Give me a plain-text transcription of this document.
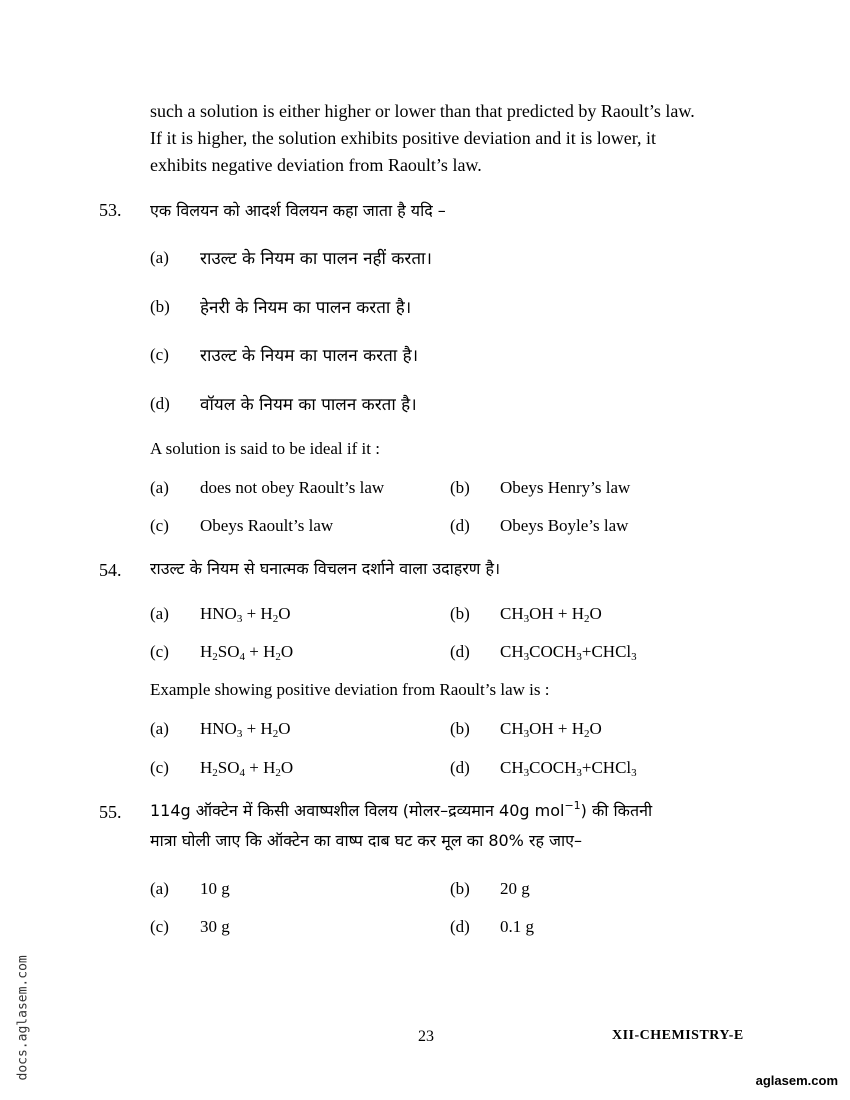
such a solution is either higher or lower than that predicted by Raoult’s law.
If it is higher, the solution exhibits positive deviation and it is lower, it
exhibits negative deviation from Raoult’s law.
53. एक विलयन को आदर्श विलयन कहा जाता है यदि –
(a) राउल्ट के नियम का पालन नहीं करता।
(b) हेनरी के नियम का पालन करता है।
(c) राउल्ट के नियम का पालन करता है।
(d) वॉयल के नियम का पालन करता है।
A solution is said to be ideal if it :
(a) does not obey Raoult’s law	(b) Obeys Henry’s law
(c) Obeys Raoult’s law	(d) Obeys Boyle’s law
54. राउल्ट के नियम से घनात्मक विचलन दर्शाने वाला उदाहरण है।
(a) $HNO_3 + H_2O$	(b) $CH_3OH + H_2O$
(c) $H_2SO_4 + H_2O$	(d) $CH_3COCH_3+CHCl_3$
Example showing positive deviation from Raoult’s law is :
(a) $HNO_3 + H_2O$	(b) $CH_3OH + H_2O$
(c) $H_2SO_4 + H_2O$	(d) $CH_3COCH_3+CHCl_3$
55. 114g ऑक्टेन में किसी अवाष्पशील विलय (मोलर–द्रव्यमान 40g mol$^{-1}$) की कितनी
मात्रा घोली जाए कि ऑक्टेन का वाष्प दाब घट कर मूल का 80% रह जाए–
(a) 10 g	(b) 20 g
(c) 30 g	(d) 0.1 g
23	XII-CHEMISTRY-E
docs.aglasem.com	aglasem.com
